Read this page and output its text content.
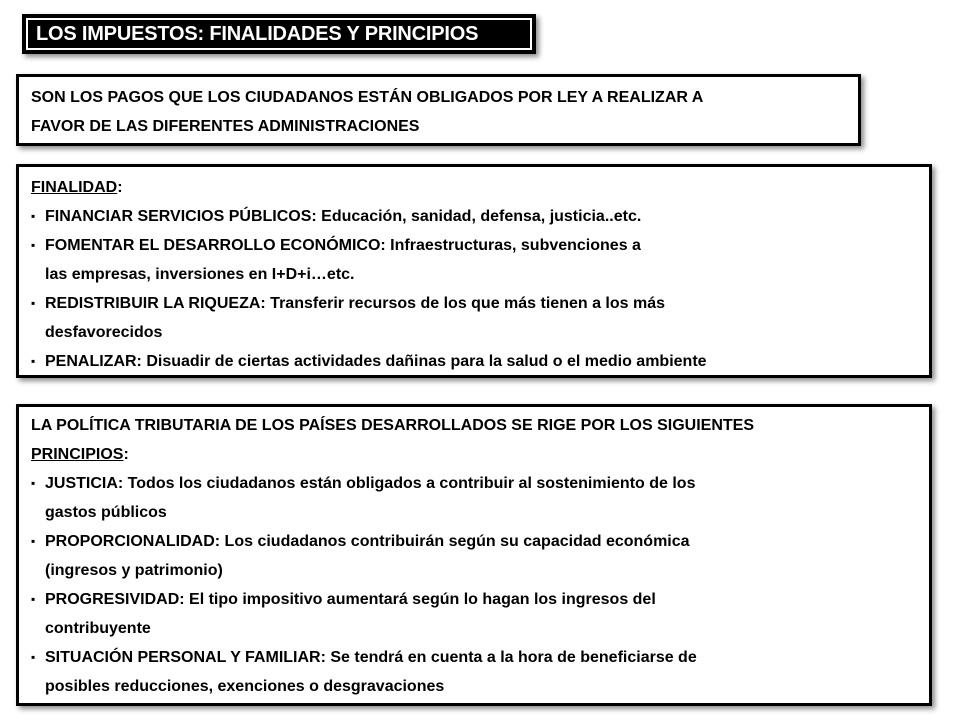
LOS IMPUESTOS: FINALIDADES Y PRINCIPIOS
SON LOS PAGOS QUE LOS CIUDADANOS ESTÁN OBLIGADOS POR LEY A REALIZAR A
FAVOR DE LAS DIFERENTES ADMINISTRACIONES
FINALIDAD:
▪ FINANCIAR SERVICIOS PÚBLICOS: Educación, sanidad, defensa, justicia..etc.
▪ FOMENTAR EL DESARROLLO ECONÓMICO: Infraestructuras, subvenciones a
las empresas, inversiones en I+D+i…etc.
▪ REDISTRIBUIR LA RIQUEZA: Transferir recursos de los que más tienen a los más
desfavorecidos
▪ PENALIZAR: Disuadir de ciertas actividades dañinas para la salud o el medio ambiente
LA POLÍTICA TRIBUTARIA DE LOS PAÍSES DESARROLLADOS SE RIGE POR LOS SIGUIENTES
PRINCIPIOS:
▪ JUSTICIA: Todos los ciudadanos están obligados a contribuir al sostenimiento de los
gastos públicos
▪ PROPORCIONALIDAD: Los ciudadanos contribuirán según su capacidad económica
(ingresos y patrimonio)
▪ PROGRESIVIDAD: El tipo impositivo aumentará según lo hagan los ingresos del
contribuyente
▪ SITUACIÓN PERSONAL Y FAMILIAR: Se tendrá en cuenta a la hora de beneficiarse de
posibles reducciones, exenciones o desgravaciones
